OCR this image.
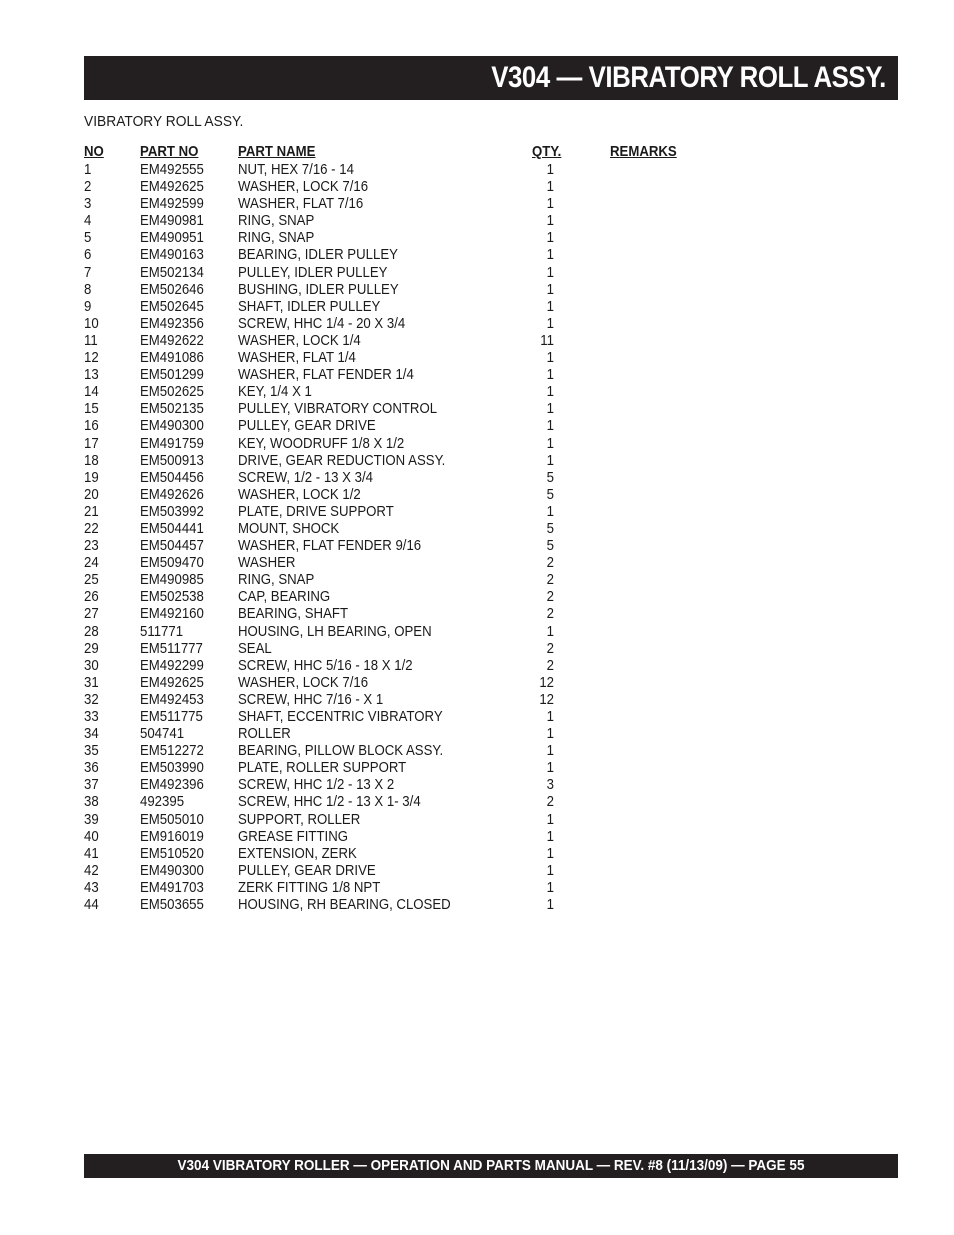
V304 — VIBRATORY ROLL ASSY.
VIBRATORY ROLL ASSY.
NO PART NO	PART NAME	QTY.	REMARKS
1	EM492555 NUT, HEX 7/16 - 14	1
2	EM492625 WASHER, LOCK 7/16	1
3	EM492599 WASHER, FLAT 7/16	1
4	EM490981 RING, SNAP	1
5	EM490951 RING, SNAP	1
6	EM490163 BEARING, IDLER PULLEY	1
7	EM502134 PULLEY, IDLER PULLEY	1
8	EM502646 BUSHING, IDLER PULLEY	1
9	EM502645 SHAFT, IDLER PULLEY	1
10	EM492356 SCREW, HHC 1/4 - 20 X 3/4	1
11	EM492622 WASHER, LOCK 1/4	11
12	EM491086 WASHER, FLAT 1/4	1
13	EM501299 WASHER, FLAT FENDER 1/4	1
14	EM502625 KEY, 1/4 X 1	1
15	EM502135 PULLEY, VIBRATORY CONTROL	1
16	EM490300 PULLEY, GEAR DRIVE	1
17	EM491759 KEY, WOODRUFF 1/8 X 1/2	1
18	EM500913 DRIVE, GEAR REDUCTION ASSY.	1
19	EM504456 SCREW, 1/2 - 13 X 3/4	5
20	EM492626 WASHER, LOCK 1/2	5
21	EM503992 PLATE, DRIVE SUPPORT	1
22	EM504441 MOUNT, SHOCK	5
23	EM504457 WASHER, FLAT FENDER 9/16	5
24	EM509470 WASHER	2
25	EM490985 RING, SNAP	2
26	EM502538 CAP, BEARING	2
27	EM492160 BEARING, SHAFT	2
28	511771	HOUSING, LH BEARING, OPEN	1
29	EM511777 SEAL	2
30	EM492299 SCREW, HHC 5/16 - 18 X 1/2	2
31	EM492625 WASHER, LOCK 7/16	12
32	EM492453 SCREW, HHC 7/16 - X 1	12
33	EM511775 SHAFT, ECCENTRIC VIBRATORY	1
34	504741	ROLLER	1
35	EM512272 BEARING, PILLOW BLOCK ASSY.	1
36	EM503990 PLATE, ROLLER SUPPORT	1
37	EM492396 SCREW, HHC 1/2 - 13 X 2	3
38	492395	SCREW, HHC 1/2 - 13 X 1- 3/4	2
39	EM505010 SUPPORT, ROLLER	1
40	EM916019 GREASE FITTING	1
41	EM510520 EXTENSION, ZERK	1
42	EM490300 PULLEY, GEAR DRIVE	1
43	EM491703 ZERK FITTING 1/8 NPT	1
44	EM503655 HOUSING, RH BEARING, CLOSED	1
V304 VIBRATORY ROLLER — OPERATION AND PARTS MANUAL — REV. #8 (11/13/09) — PAGE 55
